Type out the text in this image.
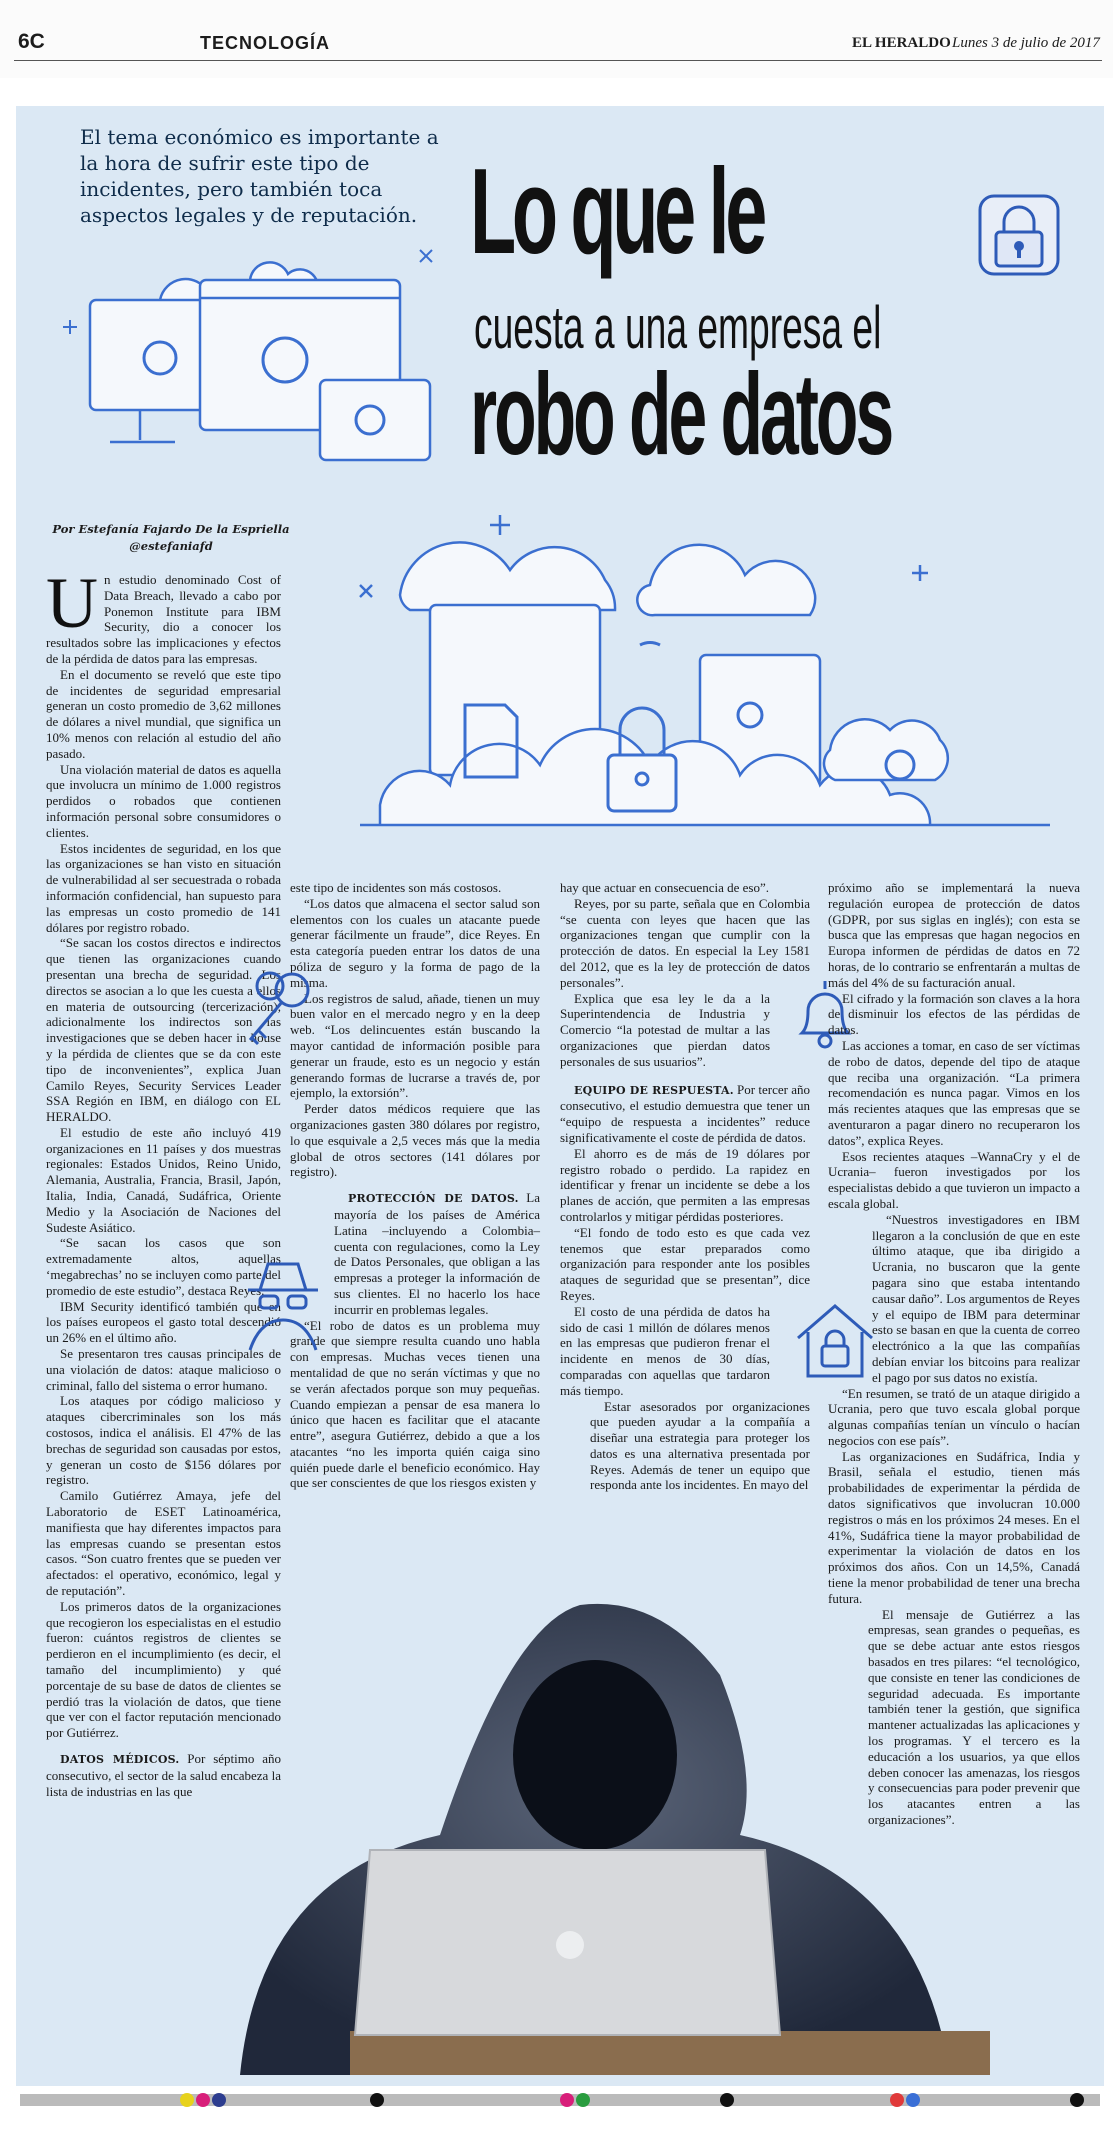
6C	TECNOLOGÍA	EL HERALDO Lunes 3 de julio de 2017
El tema económico es importante a la hora de sufrir este tipo de incidentes, pero también toca aspectos legales y de reputación. Lo que le
cuesta a una empresa el
robo de datos
Por Estefanía Fajardo De la Espriella
@estefaniafd

Un estudio denominado Cost of Data Breach, llevado a cabo por Ponemon Institute para IBM Security, dio a conocer los resultados sobre las implicaciones y efectos de la pérdida de datos para las empresas.

En el documento se reveló que este tipo de incidentes de seguridad empresarial generan un costo promedio de 3,62 millones de dólares a nivel mundial, que significa un 10% menos con relación al estudio del año pasado.

Una violación material de datos es aquella que involucra un mínimo de 1.000 registros perdidos o robados que contienen información personal sobre consumidores o clientes.

Estos incidentes de seguridad, en los que las organizaciones se han visto en situación de vulnerabilidad al ser secuestrada o robada información confidencial, han supuesto para las empresas un costo promedio de 141 dólares por registro robado.

“Se sacan los costos directos e indirectos que tienen las organizaciones cuando presentan una brecha de seguridad. Los directos se asocian a lo que les cuesta a ellos en materia de outsourcing (tercerización), adicionalmente los indirectos son las investigaciones que se deben hacer in house y la pérdida de clientes que se da con este tipo de inconvenientes”, explica Juan Camilo Reyes, Security Services Leader SSA Región en IBM, en diálogo con EL HERALDO.

El estudio de este año incluyó 419 organizaciones en 11 países y dos muestras regionales: Estados Unidos, Reino Unido, Alemania, Australia, Francia, Brasil, Japón, Italia, India, Canadá, Sudáfrica, Oriente Medio y la Asociación de Naciones del Sudeste Asiático.

“Se sacan los casos que son extremadamente altos, aquellas ‘megabrechas’ no se incluyen como parte del promedio de este estudio”, destaca Reyes.

IBM Security identificó también que en los países europeos el gasto total descendió un 26% en el último año.

Se presentaron tres causas principales de una violación de datos: ataque malicioso o criminal, fallo del sistema o error humano.

Los ataques por código malicioso y ataques cibercriminales son los más costosos, indica el análisis. El 47% de las brechas de seguridad son causadas por estos, y generan un costo de $156 dólares por registro.

Camilo Gutiérrez Amaya, jefe del Laboratorio de ESET Latinoamérica, manifiesta que hay diferentes impactos para las empresas cuando se presentan estos casos. “Son cuatro frentes que se pueden ver afectados: el operativo, económico, legal y de reputación”.

Los primeros datos de la organizaciones que recogieron los especialistas en el estudio fueron: cuántos registros de clientes se perdieron en el incumplimiento (es decir, el tamaño del incumplimiento) y qué porcentaje de su base de datos de clientes se perdió tras la violación de datos, que tiene que ver con el factor reputación mencionado por Gutiérrez.

DATOS MÉDICOS. Por séptimo año consecutivo, el sector de la salud encabeza la lista de industrias en las que

este tipo de incidentes son más costosos.

“Los datos que almacena el sector salud son elementos con los cuales un atacante puede generar fácilmente un fraude”, dice Reyes. En esta categoría pueden entrar los datos de una póliza de seguro y la forma de pago de la misma.

Los registros de salud, añade, tienen un muy buen valor en el mercado negro y en la deep web. “Los delincuentes están buscando la mayor cantidad de información posible para generar un fraude, esto es un negocio y están generando formas de lucrarse a través de, por ejemplo, la extorsión”.

Perder datos médicos requiere que las organizaciones gasten 380 dólares por registro, lo que esquivale a 2,5 veces más que la media global de otros sectores (141 dólares por registro).

PROTECCIÓN DE DATOS. La mayoría de los países de América Latina –incluyendo a Colombia– cuenta con regulaciones, como la Ley de Datos Personales, que obligan a las empresas a proteger la información de sus clientes. El no hacerlo los hace incurrir en problemas legales.

“El robo de datos es un problema muy grande que siempre resulta cuando uno habla con empresas. Muchas veces tienen una mentalidad de que no serán víctimas y que no se verán afectados porque son muy pequeñas. Cuando empiezan a pensar de esa manera lo único que hacen es facilitar que el atacante entre”, asegura Gutiérrez, debido a que a los atacantes “no les importa quién caiga sino quién puede darle el beneficio económico. Hay que ser conscientes de que los riesgos existen y

hay que actuar en consecuencia de eso”.

Reyes, por su parte, señala que en Colombia “se cuenta con leyes que hacen que las organizaciones tengan que cumplir con la protección de datos. En especial la Ley 1581 del 2012, que es la ley de protección de datos personales”.

Explica que esa ley le da a la Superintendencia de Industria y Comercio “la potestad de multar a las organizaciones que pierdan datos personales de sus usuarios”.

EQUIPO DE RESPUESTA. Por tercer año consecutivo, el estudio demuestra que tener un “equipo de respuesta a incidentes” reduce significativamente el coste de pérdida de datos.

El ahorro es de más de 19 dólares por registro robado o perdido. La rapidez en identificar y frenar un incidente se debe a los planes de acción, que permiten a las empresas controlarlos y mitigar pérdidas posteriores.

“El fondo de todo esto es que cada vez tenemos que estar preparados como organización para responder ante los posibles ataques de seguridad que se presentan”, dice Reyes.

El costo de una pérdida de datos ha sido de casi 1 millón de dólares menos en las empresas que pudieron frenar el incidente en menos de 30 días, comparadas con aquellas que tardaron más tiempo.

Estar asesorados por organizaciones que pueden ayudar a la compañía a diseñar una estrategia para proteger los datos es una alternativa presentada por Reyes. Además de tener un equipo que responda ante los incidentes. En mayo del

próximo año se implementará la nueva regulación europea de protección de datos (GDPR, por sus siglas en inglés); con esta se busca que las empresas que hagan negocios en Europa informen de pérdidas de datos en 72 horas, de lo contrario se enfrentarán a multas de más del 4% de su facturación anual.

El cifrado y la formación son claves a la hora de disminuir los efectos de las pérdidas de datos.

Las acciones a tomar, en caso de ser víctimas de robo de datos, depende del tipo de ataque que reciba una organización. “La primera recomendación es nunca pagar. Vimos en los más recientes ataques que las empresas que se aventuraron a pagar dinero no recuperaron los datos”, explica Reyes.

Esos recientes ataques –WannaCry y el de Ucrania– fueron investigados por los especialistas debido a que tuvieron un impacto a escala global.

“Nuestros investigadores en IBM llegaron a la conclusión de que en este último ataque, que iba dirigido a Ucrania, no buscaron que la gente pagara sino que estaba intentando causar daño”. Los argumentos de Reyes y el equipo de IBM para determinar esto se basan en que la cuenta de correo electrónico a la que las compañías debían enviar los bitcoins para realizar el pago por sus datos no existía.

“En resumen, se trató de un ataque dirigido a Ucrania, pero que tuvo escala global porque algunas compañías tenían un vínculo o hacían negocios con ese país”.

Las organizaciones en Sudáfrica, India y Brasil, señala el estudio, tienen más probabilidades de experimentar la pérdida de datos significativos que involucran 10.000 registros o más en los próximos 24 meses. En el 41%, Sudáfrica tiene la mayor probabilidad de experimentar la violación de datos en los próximos dos años. Con un 14,5%, Canadá tiene la menor probabilidad de tener una brecha futura.

El mensaje de Gutiérrez a las empresas, sean grandes o pequeñas, es que se debe actuar ante estos riesgos basados en tres pilares: “el tecnológico, que consiste en tener las condiciones de seguridad adecuada. Es importante también tener la gestión, que significa mantener actualizadas las aplicaciones y los programas. Y el tercero es la educación a los usuarios, ya que ellos deben conocer las amenazas, los riesgos y consecuencias para poder prevenir que los atacantes entren a las organizaciones”.
